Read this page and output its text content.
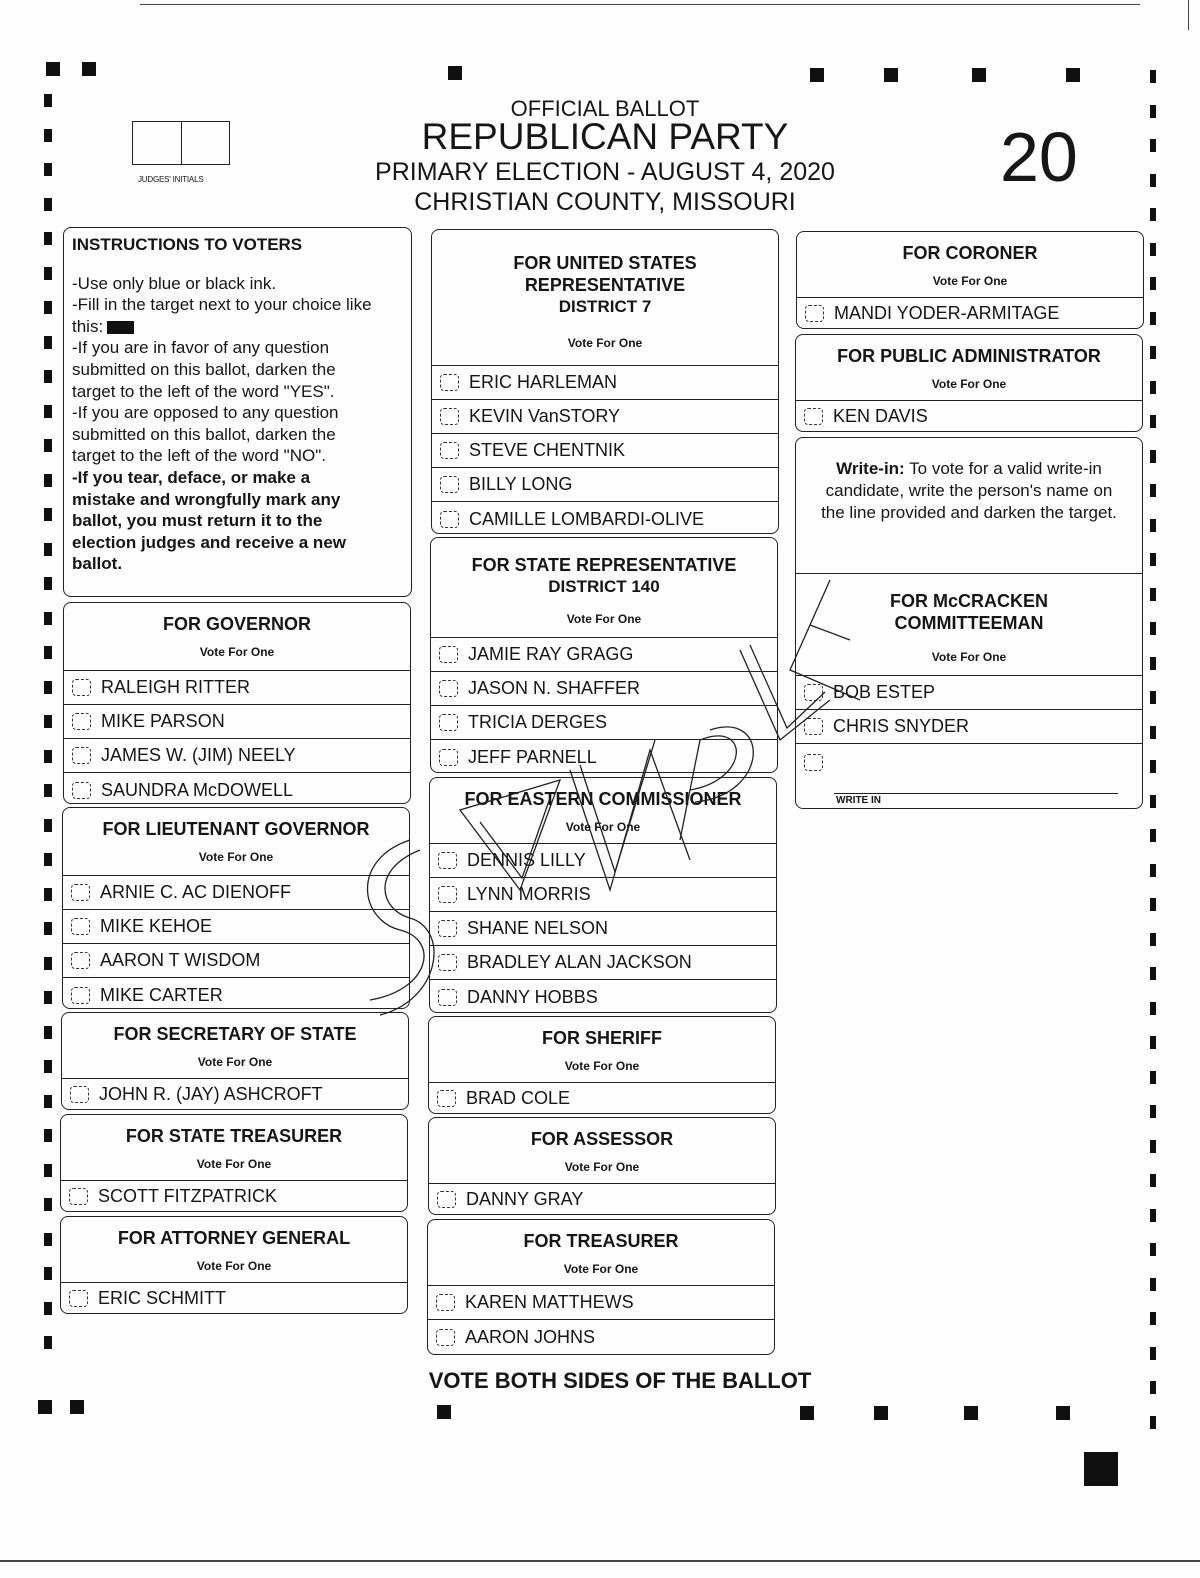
JUDGES' INITIALS
OFFICIAL BALLOT
REPUBLICAN PARTY
PRIMARY ELECTION - AUGUST 4, 2020
CHRISTIAN COUNTY, MISSOURI
20
INSTRUCTIONS TO VOTERS

-Use only blue or black ink.

-Fill in the target next to your choice like

this:

-If you are in favor of any question

submitted on this ballot, darken the

target to the left of the word "YES".

-If you are opposed to any question

submitted on this ballot, darken the

target to the left of the word "NO".

-If you tear, deface, or make a

mistake and wrongfully mark any

ballot, you must return it to the

election judges and receive a new

ballot.

FOR GOVERNOR
Vote For One
RALEIGH RITTER
MIKE PARSON
JAMES W. (JIM) NEELY
SAUNDRA McDOWELL
FOR LIEUTENANT GOVERNOR
Vote For One
ARNIE C. AC DIENOFF
MIKE KEHOE
AARON T WISDOM
MIKE CARTER
FOR SECRETARY OF STATE
Vote For One
JOHN R. (JAY) ASHCROFT
FOR STATE TREASURER
Vote For One
SCOTT FITZPATRICK
FOR ATTORNEY GENERAL
Vote For One
ERIC SCHMITT
FOR UNITED STATES
REPRESENTATIVE
DISTRICT 7
Vote For One
ERIC HARLEMAN
KEVIN VanSTORY
STEVE CHENTNIK
BILLY LONG
CAMILLE LOMBARDI-OLIVE
FOR STATE REPRESENTATIVE
DISTRICT 140
Vote For One
JAMIE RAY GRAGG
JASON N. SHAFFER
TRICIA DERGES
JEFF PARNELL
FOR EASTERN COMMISSIONER
Vote For One
DENNIS LILLY
LYNN MORRIS
SHANE NELSON
BRADLEY ALAN JACKSON
DANNY HOBBS
FOR SHERIFF
Vote For One
BRAD COLE
FOR ASSESSOR
Vote For One
DANNY GRAY
FOR TREASURER
Vote For One
KAREN MATTHEWS
AARON JOHNS
FOR CORONER
Vote For One
MANDI YODER-ARMITAGE
FOR PUBLIC ADMINISTRATOR
Vote For One
KEN DAVIS
Write-in: To vote for a valid write-in candidate, write the person's name on the line provided and darken the target.
FOR McCRACKEN
COMMITTEEMAN
Vote For One
BOB ESTEP
CHRIS SNYDER
WRITE IN
VOTE BOTH SIDES OF THE BALLOT
